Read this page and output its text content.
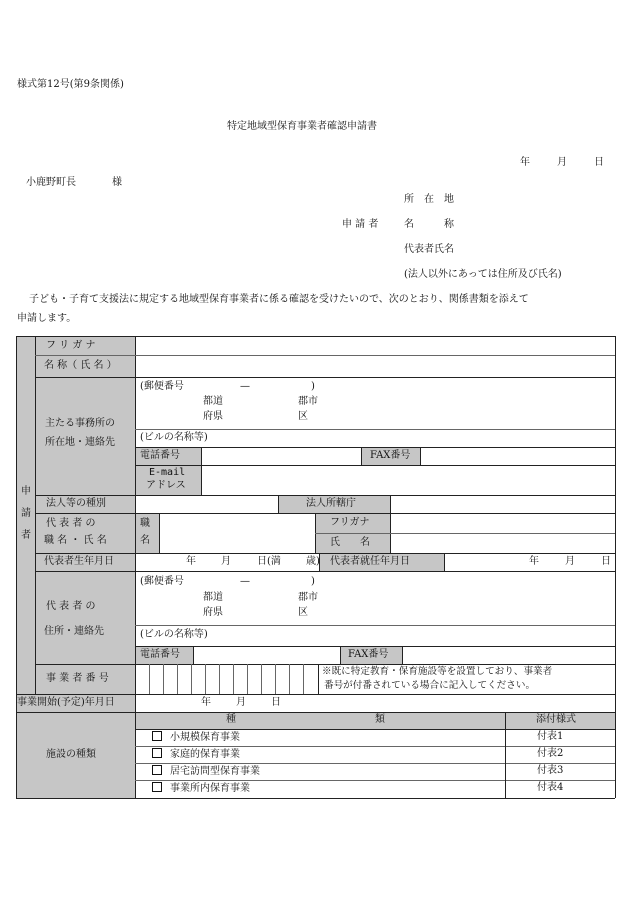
様式第12号(第9条関係)
特定地域型保育事業者確認申請書
年	月	日
小鹿野町長	様
所　在　地
申 請 者	名　　　称
代表者氏名
(法人以外にあっては住所及び氏名)
子ども・子育て支援法に規定する地域型保育事業者に係る確認を受けたいので、次のとおり、関係書類を添えて
申請します。
申
請
者
フ リ ガ ナ
名 称（ 氏 名 ）
主たる事務所の
所在地・連絡先
(郵便番号	—	)
都道
府県
郡市
区
(ビルの名称等)
電話番号	FAX番号
E-mail
アドレス
法人等の種別	法人所轄庁
代 表 者 の
職 名 ・ 氏 名
職
名
フリガナ
氏　　名
代表者生年月日	年	月	日(満	歳) 代表者就任年月日	年	月	日
代 表 者 の
住所・連絡先
(郵便番号	—	)
都道
府県
郡市
区
(ビルの名称等)
電話番号	FAX番号
事 業 者 番 号
※既に特定教育・保育施設等を設置しており、事業者
番号が付番されている場合に記入してください。
事業開始(予定)年月日	年	月	日
施設の種類
種	類	添付様式
小規模保育事業	付表1
家庭的保育事業	付表2
居宅訪問型保育事業	付表3
事業所内保育事業	付表4
